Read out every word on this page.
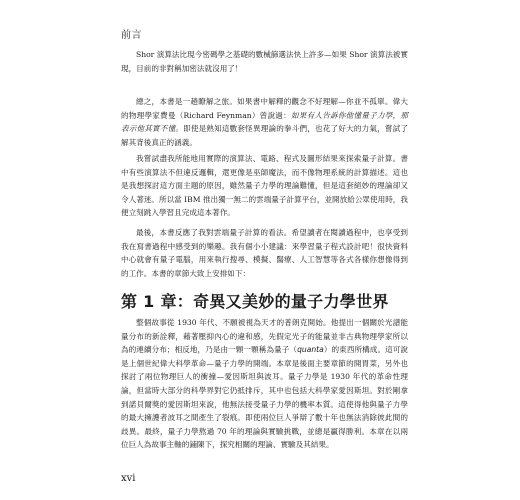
前言

Shor 演算法比現今密碼學之基礎的數械篩選法快上許多—如果 Shor 演算法被實現，目前的非對稱加密法就沒用了！

總之，本書是一趟瞭解之旅。如果書中解釋的觀念不好理解—你並不孤單。偉大的物理學家費曼（Richard Feynman）曾說過：如果有人告訴你他懂量子力學，那表示他其實不懂。即使是熟知這數套怪異理論的拳斗們，也花了好大的力氣，嘗試了解其背後真正的涵義。

我嘗試盡我所能地用實際的演算法、電路、程式及圖形結果來探索量子計算。書中有些演算法不但違反邏輯，還更像是巫師魔法，而不像物理系統的計算描述。這也是我想探討這方面主題的原因，雖然量子力學的理論難懂，但是這套絕妙的理論卻又令人著迷。所以當 IBM 推出獨一無二的雲端量子計算平台，並開放給公眾使用時，我便立刻跳入學習且完成這本著作。

最後，本書反應了我對雲端量子計算的看法。希望讀者在閱讀過程中，也享受到我在寫書過程中感受到的樂趣。我有個小小建議：來學習量子程式設計吧！很快資料中心就會有量子電腦，用來執行搜尋、模擬、醫療、人工智慧等各式各樣你想像得到的工作。本書的章節大致上安排如下：

第 1 章：奇異又美妙的量子力學世界

整個故事從 1930 年代、不願被視為天才的普朗克開始。他提出一個關於光譜能量分布的新詮釋，藉著壓抑內心的違和感，先假定光子的能量並非古典物理學家所以為的連續分布；相反地，乃是由一顆一顆稱為量子（quanta）的東西所構成。這可說是上個世紀偉大科學革命—量子力學的開端。本章是後面主要章節的開胃菜，另外也探討了兩位物理巨人的衝撞—愛因斯坦與波耳。量子力學是 1930 年代的革命性理論，但當時大部分的科學界對它仍抵排斥，其中也包括大科學家愛因斯坦。對於剛拿到諾貝爾獎的愛因斯坦來說，他無法接受量子力學的機率本質。這使得他與量子力學的最大擁護者波耳之間產生了裂痕。即使兩位巨人爭辯了數十年也無法消除彼此間的歧異。最終，量子力學熬過 70 年的理論與實驗挑戰，並總是贏得勝利。本章在以兩位巨人為故事主軸的鋪陳下，探究相關的理論、實驗及其結果。

xvi
